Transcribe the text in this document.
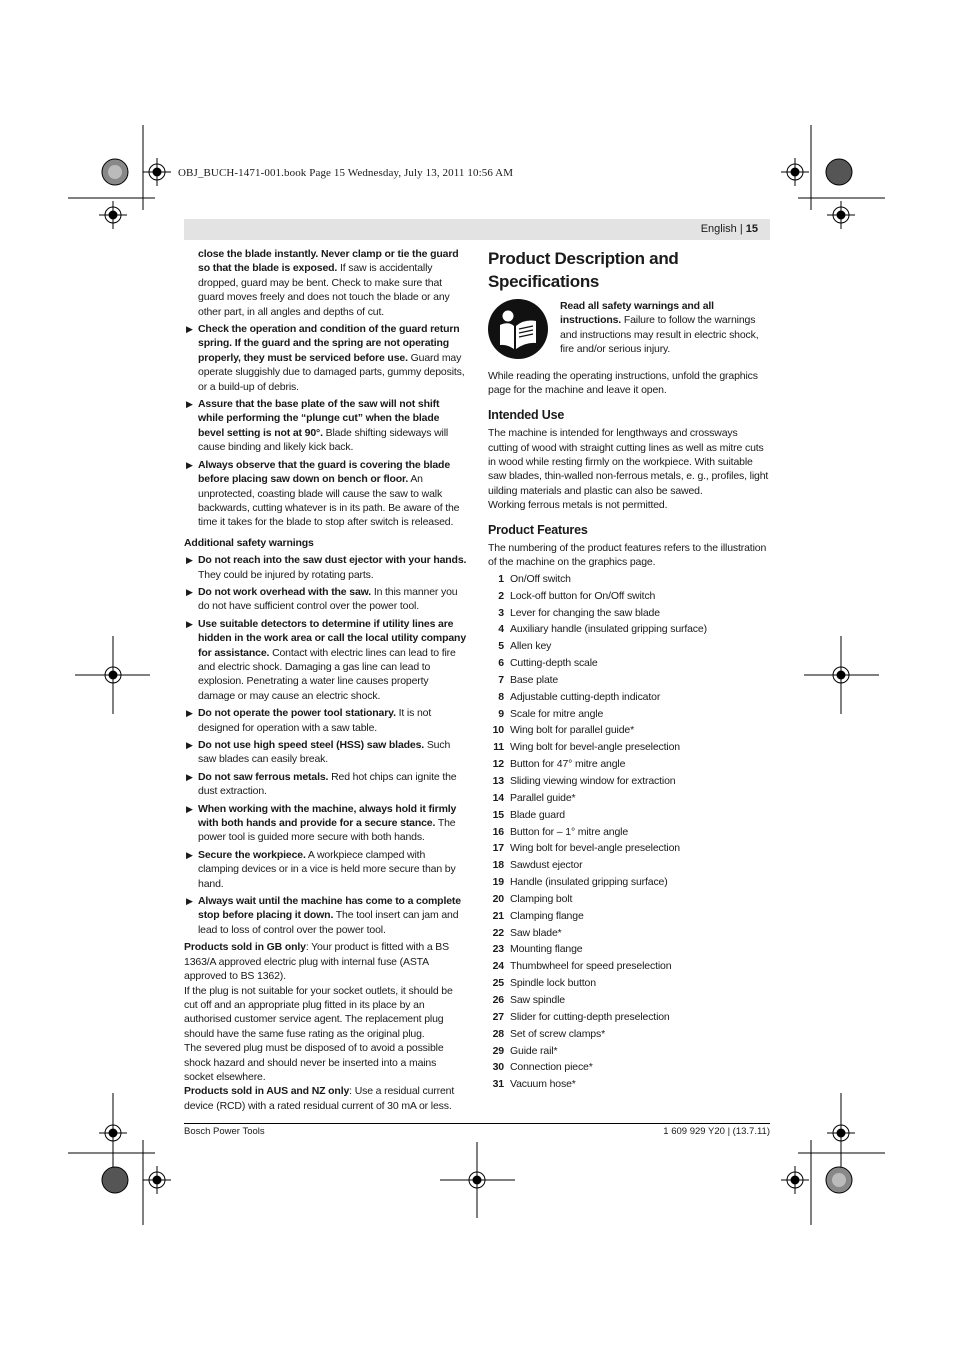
OBJ_BUCH-1471-001.book Page 15 Wednesday, July 13, 2011 10:56 AM
English | 15
close the blade instantly. Never clamp or tie the guard so that the blade is exposed. If saw is accidentally dropped, guard may be bent. Check to make sure that guard moves freely and does not touch the blade or any other part, in all angles and depths of cut.
▶ Check the operation and condition of the guard return spring. If the guard and the spring are not operating properly, they must be serviced before use. Guard may operate sluggishly due to damaged parts, gummy deposits, or a build-up of debris.
▶ Assure that the base plate of the saw will not shift while performing the “plunge cut” when the blade bevel setting is not at 90°. Blade shifting sideways will cause binding and likely kick back.
▶ Always observe that the guard is covering the blade before placing saw down on bench or floor. An unprotected, coasting blade will cause the saw to walk backwards, cutting whatever is in its path. Be aware of the time it takes for the blade to stop after switch is released.
Additional safety warnings
▶ Do not reach into the saw dust ejector with your hands. They could be injured by rotating parts.
▶ Do not work overhead with the saw. In this manner you do not have sufficient control over the power tool.
▶ Use suitable detectors to determine if utility lines are hidden in the work area or call the local utility company for assistance. Contact with electric lines can lead to fire and electric shock. Damaging a gas line can lead to explosion. Penetrating a water line causes property damage or may cause an electric shock.
▶ Do not operate the power tool stationary. It is not designed for operation with a saw table.
▶ Do not use high speed steel (HSS) saw blades. Such saw blades can easily break.
▶ Do not saw ferrous metals. Red hot chips can ignite the dust extraction.
▶ When working with the machine, always hold it firmly with both hands and provide for a secure stance. The power tool is guided more secure with both hands.
▶ Secure the workpiece. A workpiece clamped with clamping devices or in a vice is held more secure than by hand.
▶ Always wait until the machine has come to a complete stop before placing it down. The tool insert can jam and lead to loss of control over the power tool.
Products sold in GB only: Your product is fitted with a BS 1363/A approved electric plug with internal fuse (ASTA approved to BS 1362).
If the plug is not suitable for your socket outlets, it should be cut off and an appropriate plug fitted in its place by an authorised customer service agent. The replacement plug should have the same fuse rating as the original plug.
The severed plug must be disposed of to avoid a possible shock hazard and should never be inserted into a mains socket elsewhere.
Products sold in AUS and NZ only: Use a residual current device (RCD) with a rated residual current of 30 mA or less.
Product Description and Specifications
Read all safety warnings and all instructions. Failure to follow the warnings and instructions may result in electric shock, fire and/or serious injury.
While reading the operating instructions, unfold the graphics page for the machine and leave it open.
Intended Use
The machine is intended for lengthways and crossways cutting of wood with straight cutting lines as well as mitre cuts in wood while resting firmly on the workpiece. With suitable saw blades, thin-walled non-ferrous metals, e. g., profiles, light uilding materials and plastic can also be sawed.
Working ferrous metals is not permitted.
Product Features
The numbering of the product features refers to the illustration of the machine on the graphics page.
1 On/Off switch
2 Lock-off button for On/Off switch
3 Lever for changing the saw blade
4 Auxiliary handle (insulated gripping surface)
5 Allen key
6 Cutting-depth scale
7 Base plate
8 Adjustable cutting-depth indicator
9 Scale for mitre angle
10 Wing bolt for parallel guide*
11 Wing bolt for bevel-angle preselection
12 Button for 47° mitre angle
13 Sliding viewing window for extraction
14 Parallel guide*
15 Blade guard
16 Button for – 1° mitre angle
17 Wing bolt for bevel-angle preselection
18 Sawdust ejector
19 Handle (insulated gripping surface)
20 Clamping bolt
21 Clamping flange
22 Saw blade*
23 Mounting flange
24 Thumbwheel for speed preselection
25 Spindle lock button
26 Saw spindle
27 Slider for cutting-depth preselection
28 Set of screw clamps*
29 Guide rail*
30 Connection piece*
31 Vacuum hose*
Bosch Power Tools	1 609 929 Y20 | (13.7.11)
